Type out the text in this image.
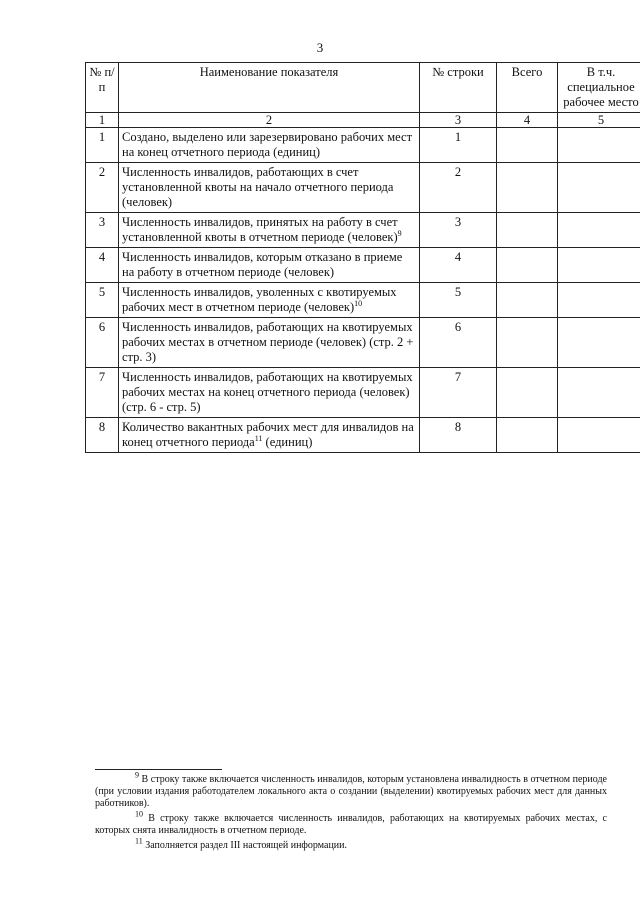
3
№ п/п	Наименование показателя	№ строки	Всего	В т.ч. специальное рабочее место
1	2	3	4	5
1	Создано, выделено или зарезервировано рабочих мест на конец отчетного периода (единиц)	1		
2	Численность инвалидов, работающих в счет установленной квоты на начало отчетного периода (человек)	2		
3	Численность инвалидов, принятых на работу в счет установленной квоты в отчетном периоде (человек)$^9$	3		
4	Численность инвалидов, которым отказано в приеме на работу в отчетном периоде (человек)	4		
5	Численность инвалидов, уволенных с квотируемых рабочих мест в отчетном периоде (человек)$^{10}$	5		
6	Численность инвалидов, работающих на квотируемых рабочих местах в отчетном периоде (человек) (стр. 2 + стр. 3)	6		
7	Численность инвалидов, работающих на квотируемых рабочих местах на конец отчетного периода (человек) (стр. 6 - стр. 5)	7		
8	Количество вакантных рабочих мест для инвалидов на конец отчетного периода$^{11}$ (единиц)	8		

$^9$ В строку также включается численность инвалидов, которым установлена инвалидность в отчетном периоде (при условии издания работодателем локального акта о создании (выделении) квотируемых рабочих мест для данных работников).

$^{10}$ В строку также включается численность инвалидов, работающих на квотируемых рабочих местах, с которых снята инвалидность в отчетном периоде.

$^{11}$ Заполняется раздел III настоящей информации.
